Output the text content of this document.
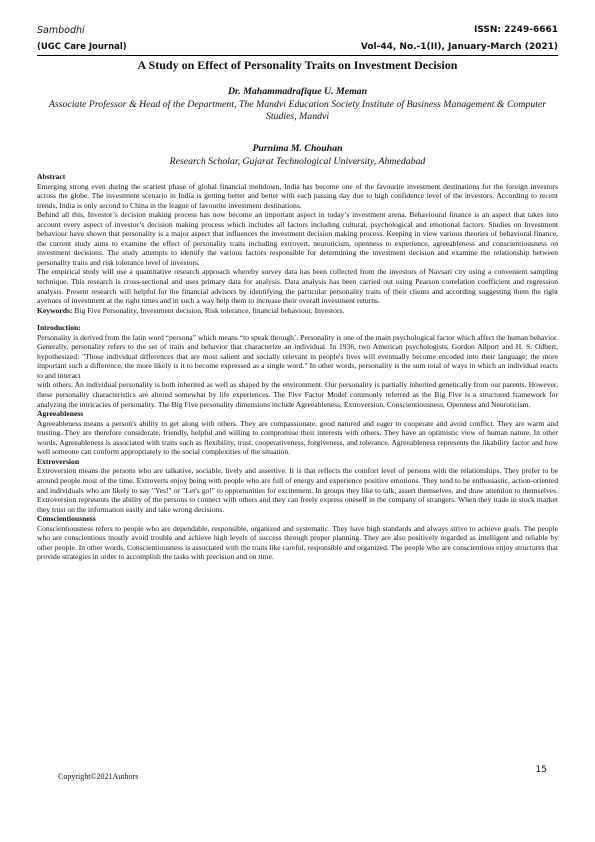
Sambodhi
(UGC Care Journal)
ISSN: 2249-6661
Vol-44, No.-1(II), January-March (2021)
A Study on Effect of Personality Traits on Investment Decision
Dr. Mahammadrafique U. Meman
Associate Professor & Head of the Department, The Mandvi Education Society Institute of Business Management & Computer Studies, Mandvi
Purnima M. Chouhan
Research Scholar, Gujarat Technological University, Ahmedabad

Abstract

Emerging strong even during the scariest phase of global financial meltdown, India has become one of the favourite investment destinations for the foreign investors across the globe. The investment scenario in India is getting better and better with each passing day due to high confidence level of the investors. According to recent trends, India is only second to China in the league of favourite investment destinations.

Behind all this, Investor’s decision making process has now become an important aspect in today’s investment arena. Behavioural finance is an aspect that takes into account every aspect of investor’s decision making process which includes all factors including cultural, psychological and emotional factors. Studies on Investment behaviour have shown that personality is a major aspect that influences the investment decision making process. Keeping in view various theories of behavioral finance, the current study aims to examine the effect of personality traits including extrovert, neuroticism, openness to experience, agreeableness and conscientiousness on investment decisions. The study attempts to identify the various factors responsible for determining the investment decision and examine the relationship between personality traits and risk tolerance level of investors.

The empirical study will use a quantitative research approach whereby survey data has been collected from the investors of Navsari city using a convenient sampling technique. This research is cross-sectional and uses primary data for analysis. Data analysis has been carried out using Pearson correlation coefficient and regression analysis. Present research will helpful for the financial advisors by identifying the particular personality traits of their clients and according suggesting them the right avenues of investment at the right times and in such a way help them to increase their overall investment returns.

Keywords: Big Five Personality, Investment decision, Risk tolerance, financial behaviour, Investors.

Introduction:

Personality is derived from the latin word “persona” which means “to speak through’. Personality is one of the main psychological factor which affect the human behavior. Generally, personality refers to the set of traits and behavior that characterize an individual. In 1936, two American psychologists, Gordon Allport and H. S. Odbert, hypothesized: "Those individual differences that are most salient and socially relevant in people's lives will eventually become encoded into their language; the more important such a difference, the more likely is it to become expressed as a single word." In other words, personality is the sum total of ways in which an individual reacts to and interact

with others. An individual personality is both inherited as well as shaped by the environment. Our personality is partially inherited genetically from our parents. However, these personality characteristics are altered somewhat by life experiences. The Five Factor Model commonly referred as the Big Five is a structured framework for analyzing the intricacies of personality. The Big Five personality dimensions include Agreeableness, Extroversion, Conscientiousness, Openness and Neuroticism.

Agreeableness

Agreeableness means a person's ability to get along with others. They are compassionate, good natured and eager to cooperate and avoid conflict. They are warm and trusting. They are therefore considerate, friendly, helpful and willing to compromise their interests with others. They have an optimistic view of human nature. In other words, Agreeableness is associated with traits such as flexibility, trust, cooperativeness, forgiveness, and tolerance. Agreeableness represents the likability factor and how well someone can conform appropriately to the social complexities of the situation.

Extroversion

Extroversion means the persons who are talkative, sociable, lively and assertive. It is that reflects the comfort level of persons with the relationships. They prefer to be around people most of the time. Extroverts enjoy being with people who are full of energy and experience positive emotions. They tend to be enthusiastic, action-oriented and individuals who are likely to say "Yes!" or "Let's go!" to opportunities for excitement. In groups they like to talk, assert themselves, and draw attention to themselves. Extroversion represents the ability of the persons to connect with others and they can freely express oneself in the company of strangers. When they trade in stock market they trust on the information easily and take wrong decisions.

Conscientiousness

Conscientiousness refers to people who are dependable, responsible, organized and systematic. They have high standards and always strive to achieve goals. The people who are conscientious mostly avoid trouble and achieve high levels of success through proper planning. They are also positively regarded as intelligent and reliable by other people. In other words, Conscientiousness is associated with the traits like careful, responsible and organized. The people who are conscientious enjoy structures that provide strategies in order to accomplish the tasks with precision and on time.

15
Copyright©2021Authors
